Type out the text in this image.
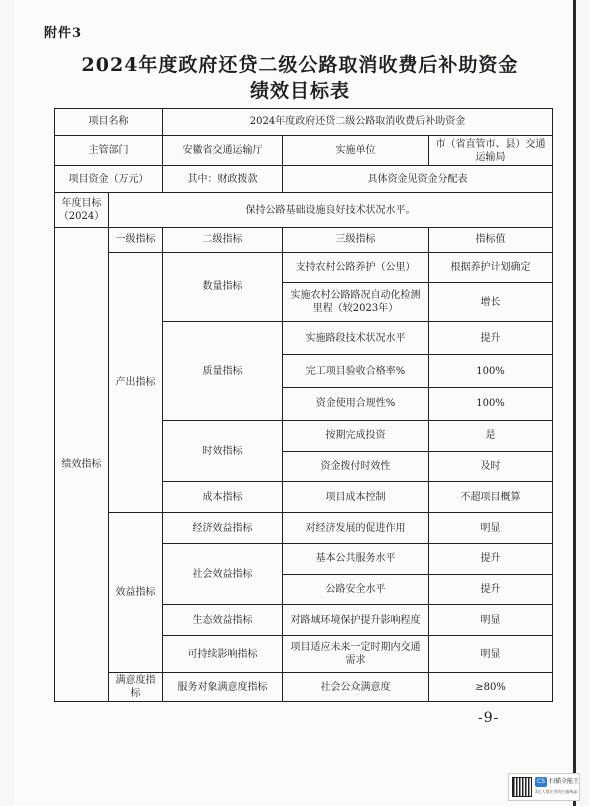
附件3
2024年度政府还贷二级公路取消收费后补助资金
绩效目标表
项目名称		2024年度政府还贷二级公路取消收费后补助资金		
主管部门		安徽省交通运输厅	实施单位	市（省直管市、县）交通运输局
项目资金（万元）		其中：财政拨款	具体资金见资金分配表	
年度目标（2024）	保持公路基础设施良好技术状况水平。			
绩效指标	一级指标	二级指标	三级指标	指标值
	产出指标	数量指标	支持农村公路养护（公里）	根据养护计划确定
			实施农村公路路况自动化检测里程（较2023年）	增长
		质量指标	实施路段技术状况水平	提升
			完工项目验收合格率%	100%
			资金使用合规性%	100%
		时效指标	按期完成投资	是
			资金拨付时效性	及时
		成本指标	项目成本控制	不超项目概算
	效益指标	经济效益指标	对经济发展的促进作用	明显
		社会效益指标	基本公共服务水平	提升
			公路安全水平	提升
		生态效益指标	对路域环境保护提升影响程度	明显
		可持续影响指标	项目适应未来一定时期内交通需求	明显
	满意度指标	服务对象满意度指标	社会公众满意度	≥80%
-9-
CS 扫描全能王
3亿人都在用的扫描App
